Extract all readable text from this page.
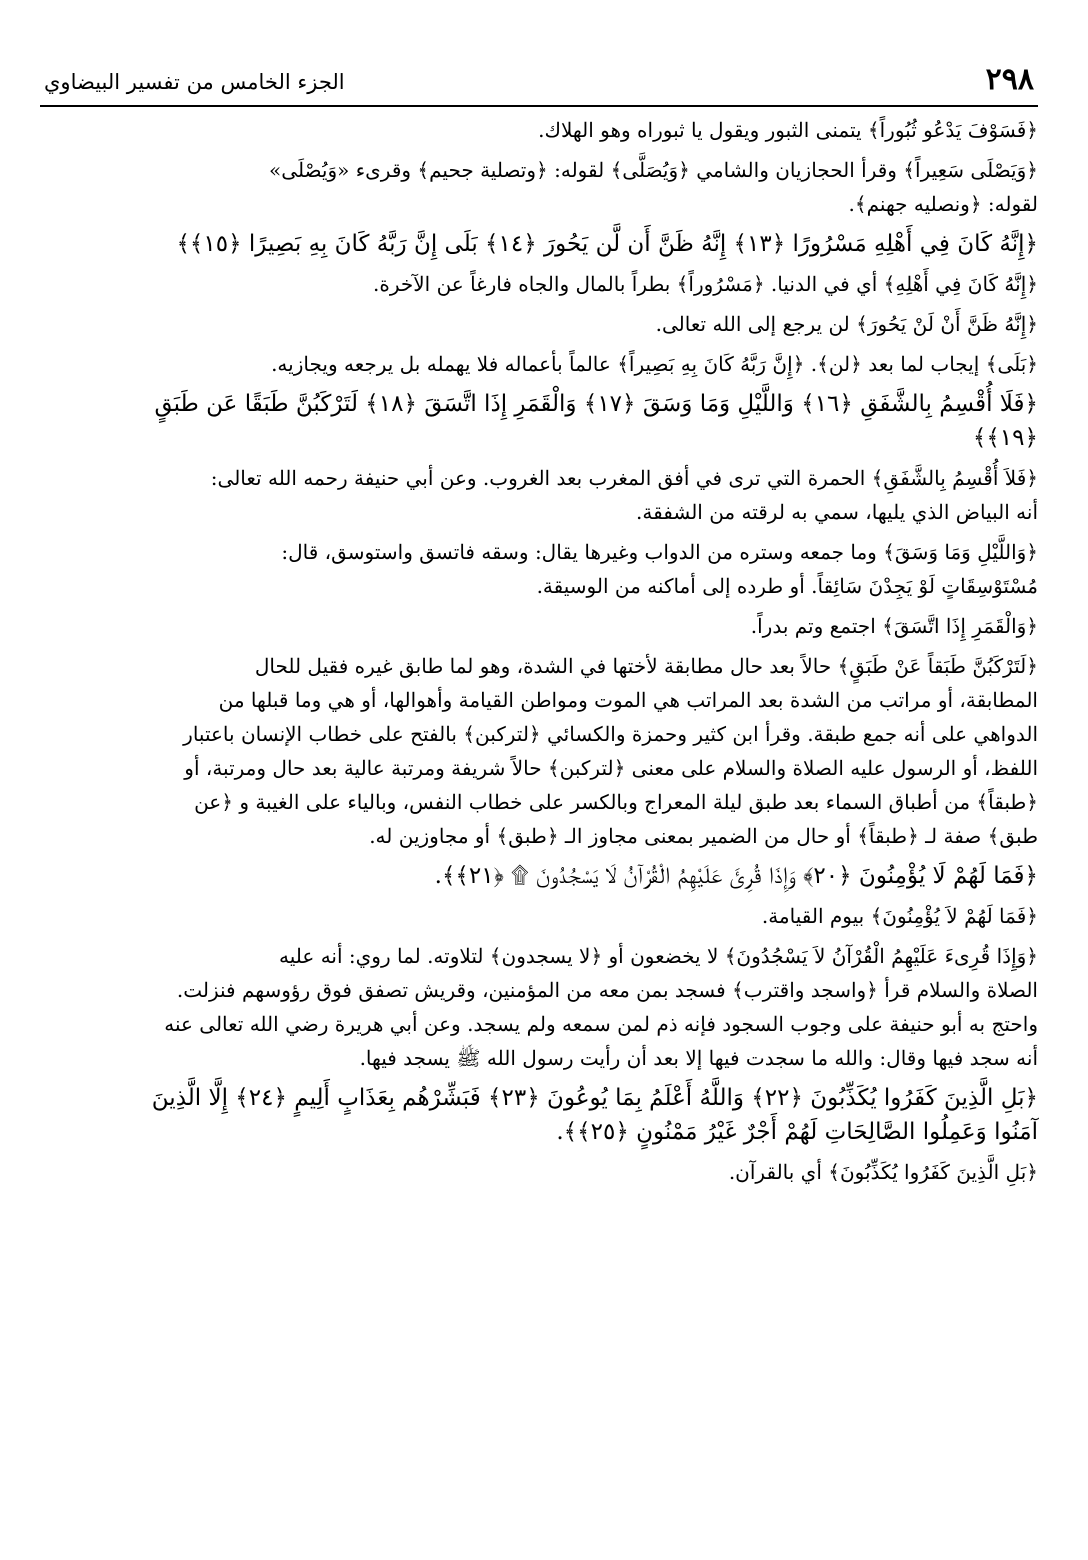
٢٩٨
الجزء الخامس من تفسير البيضاوي

﴿فَسَوْفَ يَدْعُو ثُبُوراً﴾ يتمنى الثبور ويقول يا ثبوراه وهو الهلاك.

﴿وَيَصْلَى سَعِيراً﴾ وقرأ الحجازيان والشامي ﴿وَيُصَلَّى﴾ لقوله: ﴿وتصلية جحيم﴾ وقرىء «وَيُصْلَى»

لقوله: ﴿ونصليه جهنم﴾.

﴿إِنَّهُ كَانَ فِي أَهْلِهِ مَسْرُورًا ﴿١٣﴾ إِنَّهُ ظَنَّ أَن لَّن يَحُورَ ﴿١٤﴾ بَلَى إِنَّ رَبَّهُ كَانَ بِهِ بَصِيرًا ﴿١٥﴾﴾

﴿إِنَّهُ كَانَ فِي أَهْلِهِ﴾ أي في الدنيا. ﴿مَسْرُوراً﴾ بطراً بالمال والجاه فارغاً عن الآخرة.

﴿إِنَّهُ ظَنَّ أَنْ لَنْ يَحُورَ﴾ لن يرجع إلى الله تعالى.

﴿بَلَى﴾ إيجاب لما بعد ﴿لن﴾. ﴿إِنَّ رَبَّهُ كَانَ بِهِ بَصِيراً﴾ عالماً بأعماله فلا يهمله بل يرجعه ويجازيه.

﴿فَلَا أُقْسِمُ بِالشَّفَقِ ﴿١٦﴾ وَاللَّيْلِ وَمَا وَسَقَ ﴿١٧﴾ وَالْقَمَرِ إِذَا اتَّسَقَ ﴿١٨﴾ لَتَرْكَبُنَّ طَبَقًا عَن طَبَقٍ

﴿١٩﴾﴾

﴿فَلاَ أُقْسِمُ بِالشَّفَقِ﴾ الحمرة التي ترى في أفق المغرب بعد الغروب. وعن أبي حنيفة رحمه الله تعالى:

أنه البياض الذي يليها، سمي به لرقته من الشفقة.

﴿وَاللَّيْلِ وَمَا وَسَقَ﴾ وما جمعه وستره من الدواب وغيرها يقال: وسقه فاتسق واستوسق، قال:

مُسْتَوْسِقَاتٍ لَوْ يَجِدْنَ سَائِقاً. أو طرده إلى أماكنه من الوسيقة.

﴿وَالْقَمَرِ إِذَا اتَّسَقَ﴾ اجتمع وتم بدراً.

﴿لَتَرْكَبُنَّ طَبَقاً عَنْ طَبَقٍ﴾ حالاً بعد حال مطابقة لأختها في الشدة، وهو لما طابق غيره فقيل للحال

المطابقة، أو مراتب من الشدة بعد المراتب هي الموت ومواطن القيامة وأهوالها، أو هي وما قبلها من

الدواهي على أنه جمع طبقة. وقرأ ابن كثير وحمزة والكسائي ﴿لتركبن﴾ بالفتح على خطاب الإنسان باعتبار

اللفظ، أو الرسول عليه الصلاة والسلام على معنى ﴿لتركبن﴾ حالاً شريفة ومرتبة عالية بعد حال ومرتبة، أو

﴿طبقاً﴾ من أطباق السماء بعد طبق ليلة المعراج وبالكسر على خطاب النفس، وبالياء على الغيبة و ﴿عن

طبق﴾ صفة لـ ﴿طبقاً﴾ أو حال من الضمير بمعنى مجاوز الـ ﴿طبق﴾ أو مجاوزين له.

﴿فَمَا لَهُمْ لَا يُؤْمِنُونَ ﴿٢٠﴾ وَإِذَا قُرِئَ عَلَيْهِمُ الْقُرْآنُ لَا يَسْجُدُونَ ۩ ﴿٢١﴾﴾.

﴿فَمَا لَهُمْ لاَ يُؤْمِنُونَ﴾ بيوم القيامة.

﴿وَإِذَا قُرِىءَ عَلَيْهِمُ الْقُرْآنُ لاَ يَسْجُدُونَ﴾ لا يخضعون أو ﴿لا يسجدون﴾ لتلاوته. لما روي: أنه عليه

الصلاة والسلام قرأ ﴿واسجد واقترب﴾ فسجد بمن معه من المؤمنين، وقريش تصفق فوق رؤوسهم فنزلت.

واحتج به أبو حنيفة على وجوب السجود فإنه ذم لمن سمعه ولم يسجد. وعن أبي هريرة رضي الله تعالى عنه

أنه سجد فيها وقال: والله ما سجدت فيها إلا بعد أن رأيت رسول الله ﷺ يسجد فيها.

﴿بَلِ الَّذِينَ كَفَرُوا يُكَذِّبُونَ ﴿٢٢﴾ وَاللَّهُ أَعْلَمُ بِمَا يُوعُونَ ﴿٢٣﴾ فَبَشِّرْهُم بِعَذَابٍ أَلِيمٍ ﴿٢٤﴾ إِلَّا الَّذِينَ

آمَنُوا وَعَمِلُوا الصَّالِحَاتِ لَهُمْ أَجْرٌ غَيْرُ مَمْنُونٍ ﴿٢٥﴾﴾.

﴿بَلِ الَّذِينَ كَفَرُوا يُكَذِّبُونَ﴾ أي بالقرآن.
